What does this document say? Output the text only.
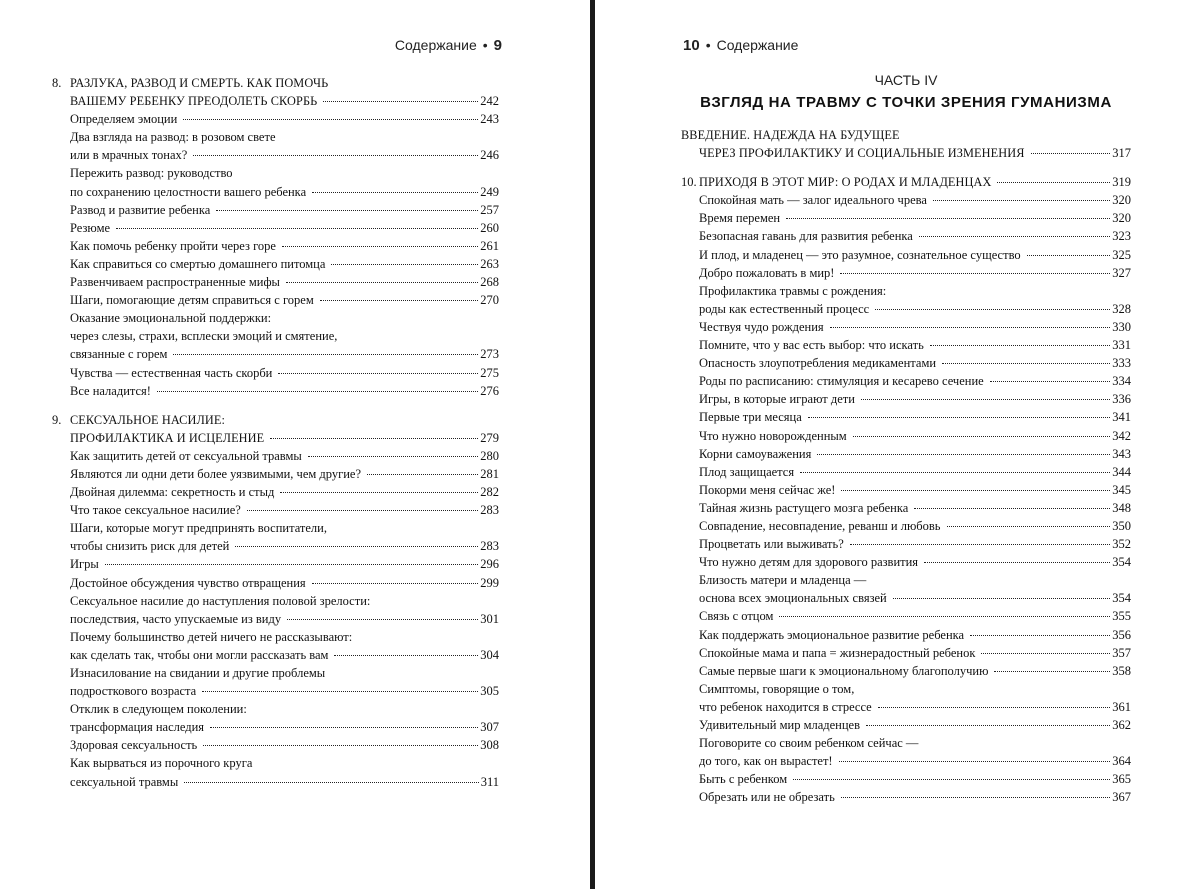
Содержание • 9
8. РАЗЛУКА, РАЗВОД И СМЕРТЬ. КАК ПОМОЧЬ
ВАШЕМУ РЕБЕНКУ ПРЕОДОЛЕТЬ СКОРБЬ	242
Определяем эмоции	243
Два взгляда на развод: в розовом свете
или в мрачных тонах?	246
Пережить развод: руководство
по сохранению целостности вашего ребенка	249
Развод и развитие ребенка	257
Резюме	260
Как помочь ребенку пройти через горе	261
Как справиться со смертью домашнего питомца	263
Развенчиваем распространенные мифы	268
Шаги, помогающие детям справиться с горем	270
Оказание эмоциональной поддержки:
через слезы, страхи, всплески эмоций и смятение,
связанные с горем	273
Чувства — естественная часть скорби	275
Все наладится!	276
9. СЕКСУАЛЬНОЕ НАСИЛИЕ:
ПРОФИЛАКТИКА И ИСЦЕЛЕНИЕ	279
Как защитить детей от сексуальной травмы	280
Являются ли одни дети более уязвимыми, чем другие?	281
Двойная дилемма: секретность и стыд	282
Что такое сексуальное насилие?	283
Шаги, которые могут предпринять воспитатели,
чтобы снизить риск для детей	283
Игры	296
Достойное обсуждения чувство отвращения	299
Сексуальное насилие до наступления половой зрелости:
последствия, часто упускаемые из виду	301
Почему большинство детей ничего не рассказывают:
как сделать так, чтобы они могли рассказать вам	304
Изнасилование на свидании и другие проблемы
подросткового возраста	305
Отклик в следующем поколении:
трансформация наследия	307
Здоровая сексуальность	308
Как вырваться из порочного круга
сексуальной травмы	311
10 • Содержание
ЧАСТЬ IV
ВЗГЛЯД НА ТРАВМУ С ТОЧКИ ЗРЕНИЯ ГУМАНИЗМА
ВВЕДЕНИЕ. НАДЕЖДА НА БУДУЩЕЕ
ЧЕРЕЗ ПРОФИЛАКТИКУ И СОЦИАЛЬНЫЕ ИЗМЕНЕНИЯ	317
10. ПРИХОДЯ В ЭТОТ МИР: О РОДАХ И МЛАДЕНЦАХ	319
Спокойная мать — залог идеального чрева	320
Время перемен	320
Безопасная гавань для развития ребенка	323
И плод, и младенец — это разумное, сознательное существо	325
Добро пожаловать в мир!	327
Профилактика травмы с рождения:
роды как естественный процесс	328
Чествуя чудо рождения	330
Помните, что у вас есть выбор: что искать	331
Опасность злоупотребления медикаментами	333
Роды по расписанию: стимуляция и кесарево сечение	334
Игры, в которые играют дети	336
Первые три месяца	341
Что нужно новорожденным	342
Корни самоуважения	343
Плод защищается	344
Покорми меня сейчас же!	345
Тайная жизнь растущего мозга ребенка	348
Совпадение, несовпадение, реванш и любовь	350
Процветать или выживать?	352
Что нужно детям для здорового развития	354
Близость матери и младенца —
основа всех эмоциональных связей	354
Связь с отцом	355
Как поддержать эмоциональное развитие ребенка	356
Спокойные мама и папа = жизнерадостный ребенок	357
Самые первые шаги к эмоциональному благополучию	358
Симптомы, говорящие о том,
что ребенок находится в стрессе	361
Удивительный мир младенцев	362
Поговорите со своим ребенком сейчас —
до того, как он вырастет!	364
Быть с ребенком	365
Обрезать или не обрезать	367
